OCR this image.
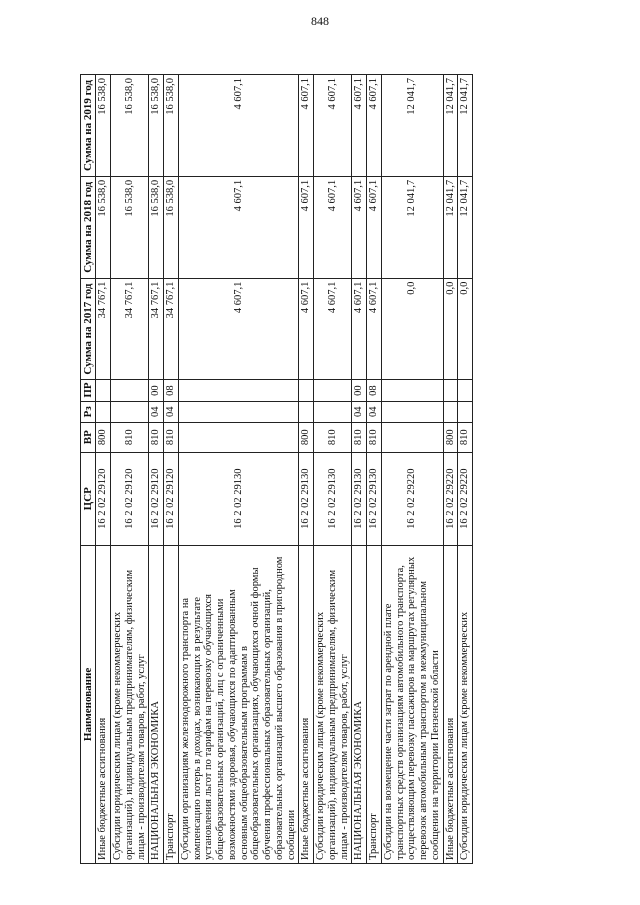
848
Наименование	ЦСР	ВР	Рз	ПР	Сумма на 2017 год	Сумма на 2018 год	Сумма на 2019 год
Иные бюджетные ассигнования	16 2 02 29120	800			34 767,1	16 538,0	16 538,0
Субсидии юридическим лицам (кроме некоммерческих организаций), индивидуальным предпринимателям, физическим лицам - производителям товаров, работ, услуг	16 2 02 29120	810			34 767,1	16 538,0	16 538,0
НАЦИОНАЛЬНАЯ ЭКОНОМИКА	16 2 02 29120	810	04	00	34 767,1	16 538,0	16 538,0
Транспорт	16 2 02 29120	810	04	08	34 767,1	16 538,0	16 538,0
Субсидии организациям железнодорожного транспорта на компенсацию потерь в доходах, возникающих в результате установления льгот по тарифам на перевозку обучающихся общеобразовательных организаций, лиц с ограниченными возможностями здоровья, обучающихся по адаптированным основным общеобразовательным программам в общеобразовательных организациях, обучающихся очной формы обучения профессиональных образовательных организаций, образовательных организаций высшего образования в пригородном сообщении	16 2 02 29130				4 607,1	4 607,1	4 607,1
Иные бюджетные ассигнования	16 2 02 29130	800			4 607,1	4 607,1	4 607,1
Субсидии юридическим лицам (кроме некоммерческих организаций), индивидуальным предпринимателям, физическим лицам - производителям товаров, работ, услуг	16 2 02 29130	810			4 607,1	4 607,1	4 607,1
НАЦИОНАЛЬНАЯ ЭКОНОМИКА	16 2 02 29130	810	04	00	4 607,1	4 607,1	4 607,1
Транспорт	16 2 02 29130	810	04	08	4 607,1	4 607,1	4 607,1
Субсидии на возмещение части затрат по арендной плате транспортных средств организациям автомобильного транспорта, осуществляющим перевозку пассажиров на маршрутах регулярных перевозок автомобильным транспортом в межмуниципальном сообщении на территории Пензенской области	16 2 02 29220				0,0	12 041,7	12 041,7
Иные бюджетные ассигнования	16 2 02 29220	800			0,0	12 041,7	12 041,7
Субсидии юридическим лицам (кроме некоммерческих	16 2 02 29220	810			0,0	12 041,7	12 041,7
